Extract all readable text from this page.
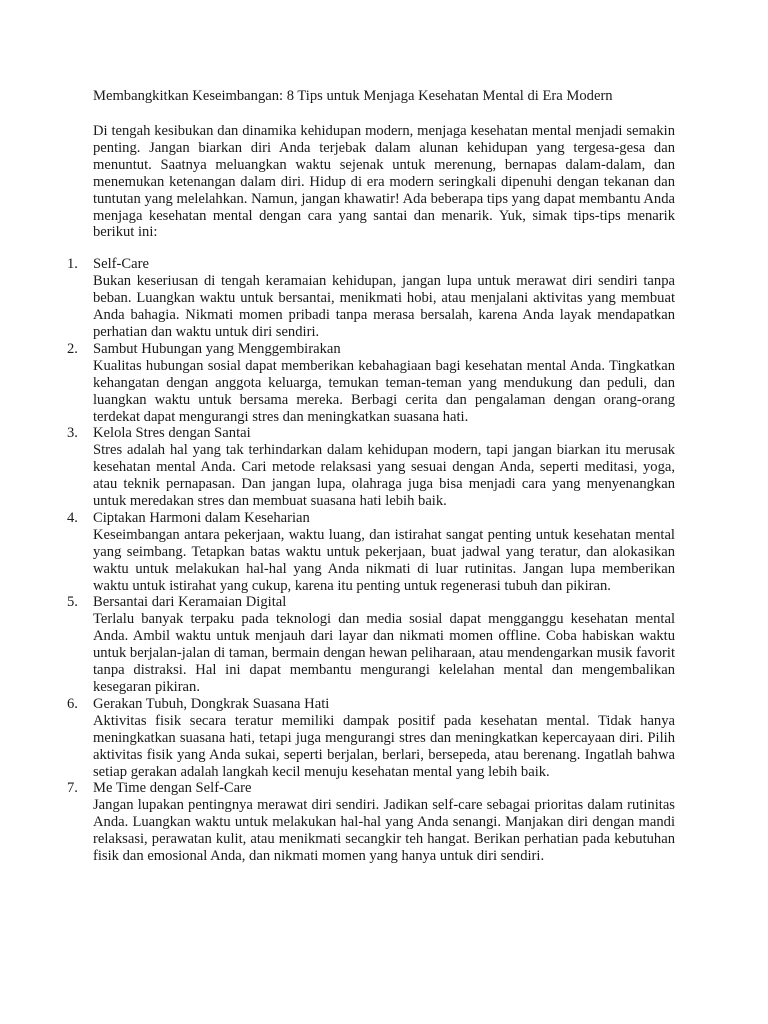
Membangkitkan Keseimbangan: 8 Tips untuk Menjaga Kesehatan Mental di Era Modern

Di tengah kesibukan dan dinamika kehidupan modern, menjaga kesehatan mental menjadi semakin penting. Jangan biarkan diri Anda terjebak dalam alunan kehidupan yang tergesa-gesa dan menuntut. Saatnya meluangkan waktu sejenak untuk merenung, bernapas dalam-dalam, dan menemukan ketenangan dalam diri. Hidup di era modern seringkali dipenuhi dengan tekanan dan tuntutan yang melelahkan. Namun, jangan khawatir! Ada beberapa tips yang dapat membantu Anda menjaga kesehatan mental dengan cara yang santai dan menarik. Yuk, simak tips-tips menarik berikut ini:

1.	Self-Care
Bukan keseriusan di tengah keramaian kehidupan, jangan lupa untuk merawat diri sendiri tanpa beban. Luangkan waktu untuk bersantai, menikmati hobi, atau menjalani aktivitas yang membuat Anda bahagia. Nikmati momen pribadi tanpa merasa bersalah, karena Anda layak mendapatkan perhatian dan waktu untuk diri sendiri.
2.	Sambut Hubungan yang Menggembirakan
Kualitas hubungan sosial dapat memberikan kebahagiaan bagi kesehatan mental Anda. Tingkatkan kehangatan dengan anggota keluarga, temukan teman-teman yang mendukung dan peduli, dan luangkan waktu untuk bersama mereka. Berbagi cerita dan pengalaman dengan orang-orang terdekat dapat mengurangi stres dan meningkatkan suasana hati.
3.	Kelola Stres dengan Santai
Stres adalah hal yang tak terhindarkan dalam kehidupan modern, tapi jangan biarkan itu merusak kesehatan mental Anda. Cari metode relaksasi yang sesuai dengan Anda, seperti meditasi, yoga, atau teknik pernapasan. Dan jangan lupa, olahraga juga bisa menjadi cara yang menyenangkan untuk meredakan stres dan membuat suasana hati lebih baik.
4.	Ciptakan Harmoni dalam Keseharian
Keseimbangan antara pekerjaan, waktu luang, dan istirahat sangat penting untuk kesehatan mental yang seimbang. Tetapkan batas waktu untuk pekerjaan, buat jadwal yang teratur, dan alokasikan waktu untuk melakukan hal-hal yang Anda nikmati di luar rutinitas. Jangan lupa memberikan waktu untuk istirahat yang cukup, karena itu penting untuk regenerasi tubuh dan pikiran.
5.	Bersantai dari Keramaian Digital
Terlalu banyak terpaku pada teknologi dan media sosial dapat mengganggu kesehatan mental Anda. Ambil waktu untuk menjauh dari layar dan nikmati momen offline. Coba habiskan waktu untuk berjalan-jalan di taman, bermain dengan hewan peliharaan, atau mendengarkan musik favorit tanpa distraksi. Hal ini dapat membantu mengurangi kelelahan mental dan mengembalikan kesegaran pikiran.
6.	Gerakan Tubuh, Dongkrak Suasana Hati
Aktivitas fisik secara teratur memiliki dampak positif pada kesehatan mental. Tidak hanya meningkatkan suasana hati, tetapi juga mengurangi stres dan meningkatkan kepercayaan diri. Pilih aktivitas fisik yang Anda sukai, seperti berjalan, berlari, bersepeda, atau berenang. Ingatlah bahwa setiap gerakan adalah langkah kecil menuju kesehatan mental yang lebih baik.
7.	Me Time dengan Self-Care
Jangan lupakan pentingnya merawat diri sendiri. Jadikan self-care sebagai prioritas dalam rutinitas Anda. Luangkan waktu untuk melakukan hal-hal yang Anda senangi. Manjakan diri dengan mandi relaksasi, perawatan kulit, atau menikmati secangkir teh hangat. Berikan perhatian pada kebutuhan fisik dan emosional Anda, dan nikmati momen yang hanya untuk diri sendiri.
